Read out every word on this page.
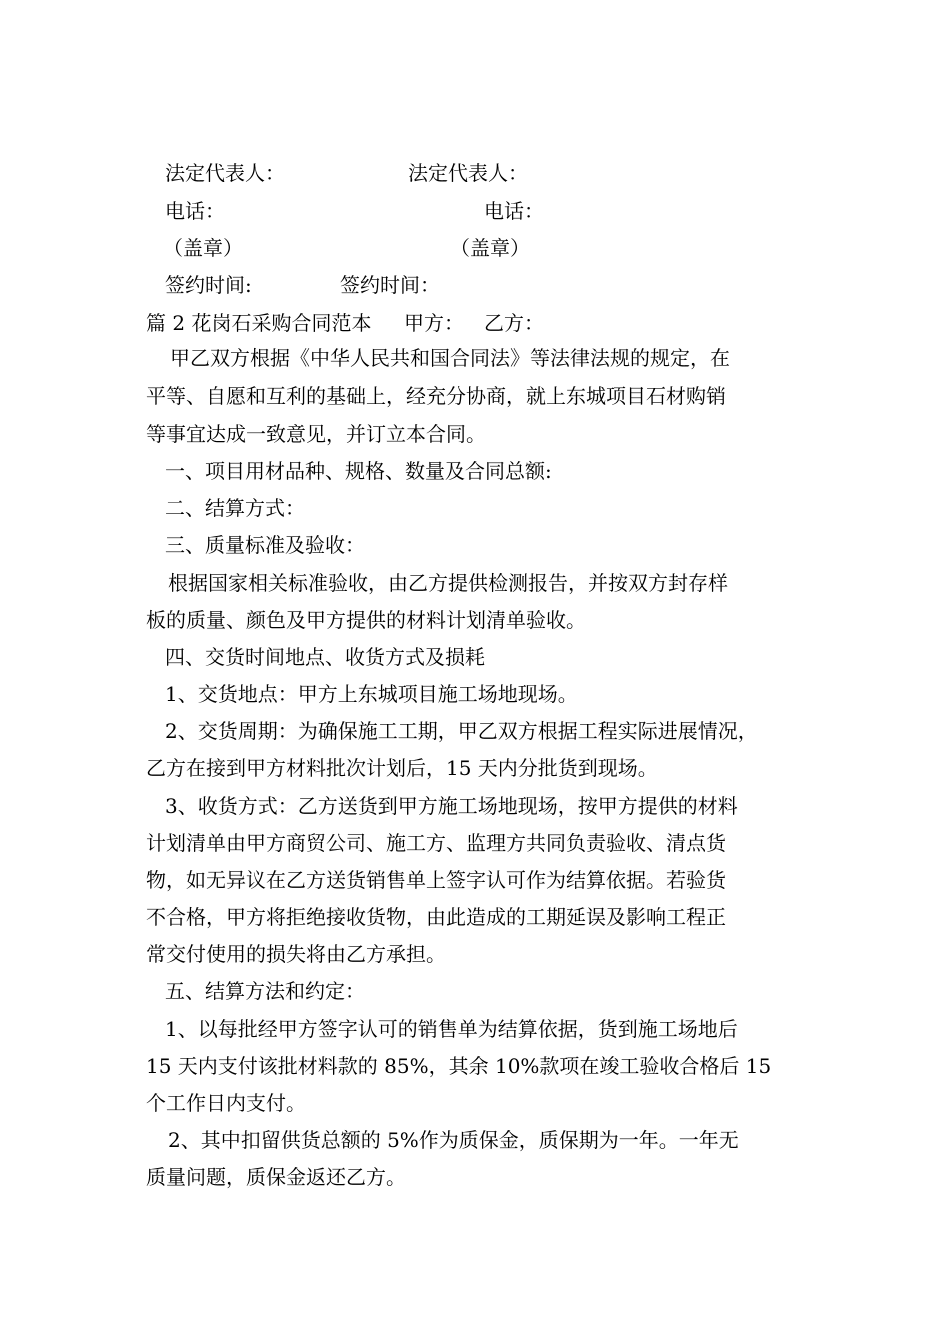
法定代表人：	法定代表人：
电话：	电话：
（盖章）	（盖章）
签约时间:	签约时间：
篇 2 花岗石采购合同范本 甲方： 乙方：
甲乙双方根据《中华人民共和国合同法》等法律法规的规定，在
平等、自愿和互利的基础上，经充分协商，就上东城项目石材购销
等事宜达成一致意见，并订立本合同。
一、项目用材品种、规格、数量及合同总额:
二、结算方式：
三、质量标准及验收：
根据国家相关标准验收，由乙方提供检测报告，并按双方封存样
板的质量、颜色及甲方提供的材料计划清单验收。
四、交货时间地点、收货方式及损耗
1、交货地点：甲方上东城项目施工场地现场。
2、交货周期：为确保施工工期，甲乙双方根据工程实际进展情况，
乙方在接到甲方材料批次计划后，15 天内分批货到现场。
3、收货方式：乙方送货到甲方施工场地现场，按甲方提供的材料
计划清单由甲方商贸公司、施工方、监理方共同负责验收、清点货
物，如无异议在乙方送货销售单上签字认可作为结算依据。若验货
不合格，甲方将拒绝接收货物，由此造成的工期延误及影响工程正
常交付使用的损失将由乙方承担。
五、结算方法和约定：
1、以每批经甲方签字认可的销售单为结算依据，货到施工场地后
15 天内支付该批材料款的 85%，其余 10%款项在竣工验收合格后 15
个工作日内支付。
2、其中扣留供货总额的 5%作为质保金，质保期为一年。一年无
质量问题，质保金返还乙方。
